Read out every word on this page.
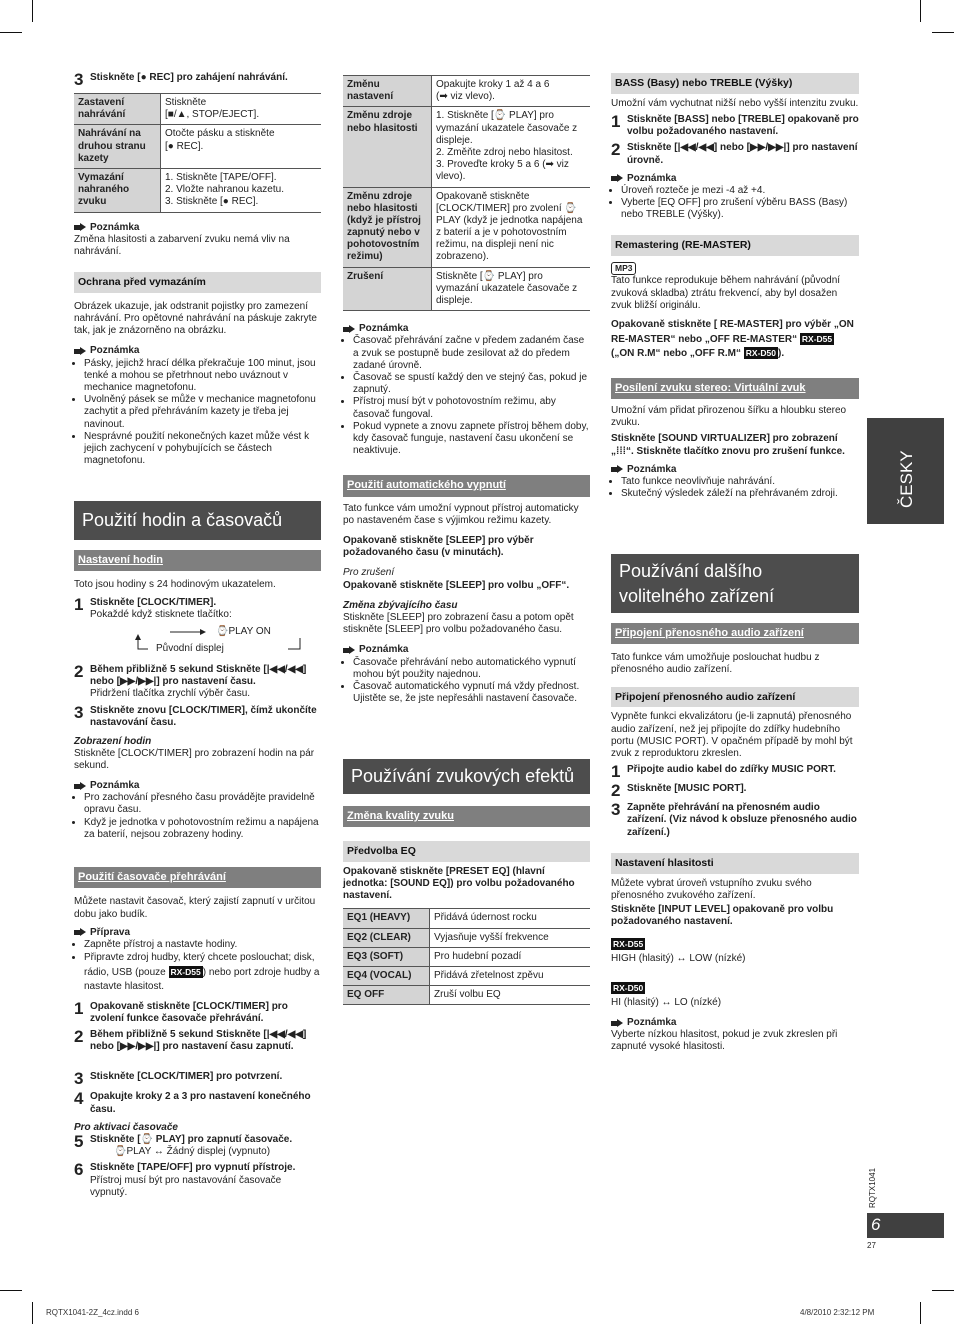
3 Stiskněte [● REC] pro zahájení nahrávání.
Zastavení nahrávání	Stiskněte
[■/▲, STOP/EJECT].

Nahrávání na druhou stranu kazety	Otočte pásku a stiskněte
[● REC].

Vymazání nahraného zvuku	1. Stiskněte [TAPE/OFF].
2. Vložte nahranou kazetu.
3. Stiskněte [● REC].
Poznámka

Změna hlasitosti a zabarvení zvuku nemá vliv na nahrávání.

Ochrana před vymazáním

Obrázek ukazuje, jak odstranit pojistky pro zamezení nahrávání. Pro opětovné nahrávání na páskuje zakryte tak, jak je znázorněno na obrázku.

Poznámka
• Pásky, jejichž hrací délka překračuje 100 minut, jsou tenké a mohou se přetrhnout nebo uváznout v mechanice magnetofonu.
• Uvolněný pásek se může v mechanice magnetofonu zachytit a před přehráváním kazety je třeba jej navinout.
• Nesprávné použití nekonečných kazet může vést k jejich zachycení v pohybujících se částech magnetofonu.
Použití hodin a časovačů
Nastavení hodin

Toto jsou hodiny s 24 hodinovým ukazatelem.

1 Stiskněte [CLOCK/TIMER].
Pokaždé když stisknete tlačítko:
⌚PLAY ON
Původní displej
2 Během přibližně 5 sekund Stiskněte [|◀◀/◀◀] nebo [▶▶/▶▶|] pro nastavení času.
Přidržení tlačítka zrychlí výběr času.
3 Stiskněte znovu [CLOCK/TIMER], čímž ukončíte nastavování času.

Zobrazení hodin

Stiskněte [CLOCK/TIMER] pro zobrazení hodin na pár sekund.

Poznámka
• Pro zachování přesného času provádějte pravidelně opravu času.
• Když je jednotka v pohotovostním režimu a napájena za baterií, nejsou zobrazeny hodiny.
Použití časovače přehrávání

Můžete nastavit časovač, který zajistí zapnutí v určitou dobu jako budík.

Příprava
• Zapněte přístroj a nastavte hodiny.
• Připravte zdroj hudby, který chcete poslouchat; disk, rádio, USB (pouze RX-D55 ) nebo port zdroje hudby a nastavte hlasitost.
1 Opakovaně stiskněte [CLOCK/TIMER] pro zvolení funkce časovače přehrávání.
2 Během přibližně 5 sekund Stiskněte [|◀◀/◀◀] nebo [▶▶/▶▶|] pro nastavení času zapnutí.
3 Stiskněte [CLOCK/TIMER] pro potvrzení.
4 Opakujte kroky 2 a 3 pro nastavení konečného času.

Pro aktivaci časovače

5 Stiskněte [⌚ PLAY] pro zapnutí časovače.
⌚PLAY ↔ Žádný displej (vypnuto)
6 Stiskněte [TAPE/OFF] pro vypnutí přístroje.
Přístroj musí být pro nastavování časovače vypnutý.
Změnu nastavení	Opakujte kroky 1 až 4 a 6
(➡ viz vlevo).

Změnu zdroje nebo hlasitosti	1. Stiskněte [⌚ PLAY] pro vymazání ukazatele časovače z displeje.
2. Změňte zdroj nebo hlasitost.
3. Proveďte kroky 5 a 6 (➡ viz vlevo).

Změnu zdroje nebo hlasitosti (když je přístroj zapnutý nebo v pohotovostním režimu)	Opakovaně stiskněte [CLOCK/TIMER] pro zvolení ⌚PLAY (když je jednotka napájena z baterií a je v pohotovostním režimu, na displeji není nic zobrazeno).

Zrušení	Stiskněte [⌚ PLAY] pro vymazání ukazatele časovače z displeje.
Poznámka
• Časovač přehrávání začne v předem zadaném čase a zvuk se postupně bude zesilovat až do předem zadané úrovně.
• Časovač se spustí každý den ve stejný čas, pokud je zapnutý.
• Přístroj musí být v pohotovostním režimu, aby časovač fungoval.
• Pokud vypnete a znovu zapnete přístroj během doby, kdy časovač funguje, nastavení času ukončení se neaktivuje.
Použití automatického vypnutí

Tato funkce vám umožní vypnout přístroj automaticky po nastaveném čase s výjimkou režimu kazety.

Opakovaně stiskněte [SLEEP] pro výběr požadovaného času (v minutách).

Pro zrušení

Opakovaně stiskněte [SLEEP] pro volbu „OFF“.

Změna zbývajícího času

Stiskněte [SLEEP] pro zobrazení času a potom opět stiskněte [SLEEP] pro volbu požadovaného času.

Poznámka
• Časovače přehrávání nebo automatického vypnutí mohou být použity najednou.
• Časovač automatického vypnutí má vždy přednost. Ujistěte se, že jste nepřesáhli nastavení časovače.
Používání zvukových efektů
Změna kvality zvuku
Předvolba EQ

Opakovaně stiskněte [PRESET EQ] (hlavní jednotka: [SOUND EQ]) pro volbu požadovaného nastavení.

EQ1 (HEAVY)	Přidává údernost rocku
EQ2 (CLEAR)	Vyjasňuje vyšší frekvence
EQ3 (SOFT)	Pro hudební pozadí
EQ4 (VOCAL)	Přidává zřetelnost zpěvu
EQ OFF	Zruší volbu EQ
BASS (Basy) nebo TREBLE (Výšky)

Umožní vám vychutnat nižší nebo vyšší intenzitu zvuku.

1 Stiskněte [BASS] nebo [TREBLE] opakovaně pro volbu požadovaného nastavení.
2 Stiskněte [|◀◀/◀◀] nebo [▶▶/▶▶|] pro nastavení úrovně.
Poznámka
• Úroveň rozteče je mezi -4 až +4.
• Vyberte [EQ OFF] pro zrušení výběru BASS (Basy) nebo TREBLE (Výšky).
Remastering (RE-MASTER)
MP3

Tato funkce reprodukuje během nahrávání (původní zvuková skladba) ztrátu frekvencí, aby byl dosažen zvuk bližší originálu.

Opakovaně stiskněte [ RE-MASTER] pro výběr „ON RE-MASTER“ nebo „OFF RE-MASTER“ RX-D55 („ON R.M“ nebo „OFF R.M“ RX-D50 ).

Posílení zvuku stereo: Virtuální zvuk

Umožní vám přidat přirozenou šířku a hloubku stereo zvuku.

Stiskněte [SOUND VIRTUALIZER] pro zobrazení „⁞⁞⁞“. Stiskněte tlačítko znovu pro zrušení funkce.

Poznámka
• Tato funkce neovlivňuje nahrávání.
• Skutečný výsledek záleží na přehrávaném zdroji.
Používání dalšího volitelného zařízení
Připojení přenosného audio zařízení

Tato funkce vám umožňuje poslouchat hudbu z přenosného audio zařízení.

Připojení přenosného audio zařízení

Vypněte funkci ekvalizátoru (je-li zapnutá) přenosného audio zařízení, než jej připojíte do zdířky hudebního portu (MUSIC PORT). V opačném případě by mohl být zvuk z reproduktoru zkreslen.

1 Připojte audio kabel do zdířky MUSIC PORT.
2 Stiskněte [MUSIC PORT].
3 Zapněte přehrávání na přenosném audio zařízení. (Viz návod k obsluze přenosného audio zařízení.)
Nastavení hlasitosti

Můžete vybrat úroveň vstupního zvuku svého přenosného zvukového zařízení.

Stiskněte [INPUT LEVEL] opakovaně pro volbu požadovaného nastavení.

RX-D55

HIGH (hlasitý) ↔ LOW (nízké)

RX-D50

HI (hlasitý) ↔ LO (nízké)

Poznámka

Vyberte nízkou hlasitost, pokud je zvuk zkreslen při zapnuté vysoké hlasitosti.

ČESKY
RQTX1041
6
27
RQTX1041-2Z_4cz.indd 6	4/8/2010 2:32:12 PM
